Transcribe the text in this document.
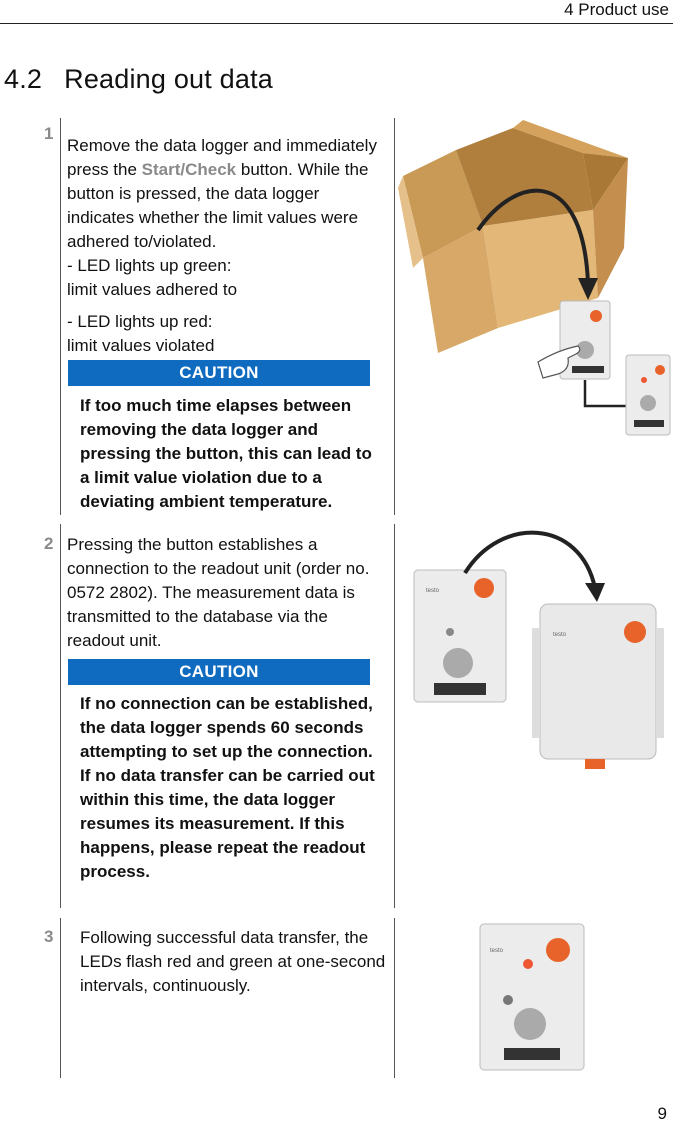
4 Product use
4.2 Reading out data
1

Remove the data logger and immediately press the Start/Check button. While the button is pressed, the data logger indicates whether the limit values were adhered to/violated.

- LED lights up green:

limit values adhered to

- LED lights up red:

limit values violated

CAUTION
If too much time elapses between removing the data logger and pressing the button, this can lead to a limit value violation due to a deviating ambient temperature.
2 Pressing the button establishes a connection to the readout unit (order no. 0572 2802). The measurement data is transmitted to the database via the readout unit.
CAUTION
If no connection can be established, the data logger spends 60 seconds attempting to set up the connection. If no data transfer can be carried out within this time, the data logger resumes its measurement. If this happens, please repeat the readout process.
testo
testo
3 Following successful data transfer, the LEDs flash red and green at one-second intervals, continuously.
testo
9
